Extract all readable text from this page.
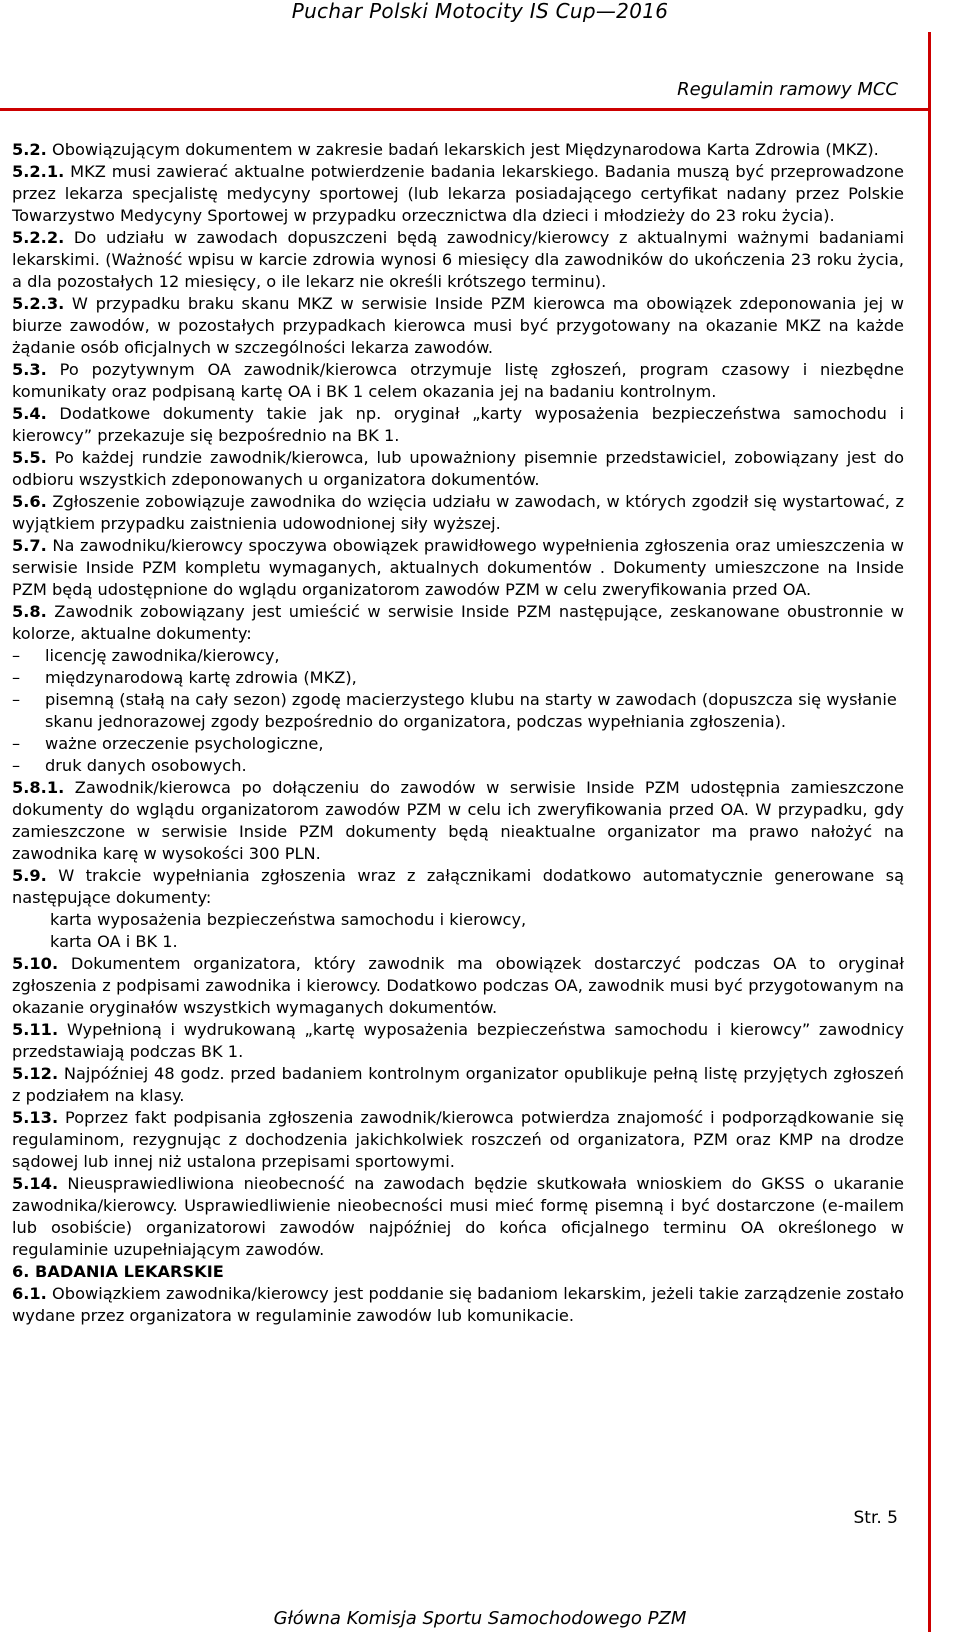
Puchar Polski Motocity IS Cup—2016
Regulamin ramowy MCC

5.2. Obowiązującym dokumentem w zakresie badań lekarskich jest Międzynarodowa Karta Zdrowia (MKZ).

5.2.1. MKZ musi zawierać aktualne potwierdzenie badania lekarskiego. Badania muszą być przeprowadzone przez lekarza specjalistę medycyny sportowej (lub lekarza posiadającego certyfikat nadany przez Polskie Towarzystwo Medycyny Sportowej w przypadku orzecznictwa dla dzieci i młodzieży do 23 roku życia).

5.2.2. Do udziału w zawodach dopuszczeni będą zawodnicy/kierowcy z aktualnymi ważnymi badaniami lekarskimi. (Ważność wpisu w karcie zdrowia wynosi 6 miesięcy dla zawodników do ukończenia 23 roku życia, a dla pozostałych 12 miesięcy, o ile lekarz nie określi krótszego terminu).

5.2.3. W przypadku braku skanu MKZ w serwisie Inside PZM kierowca ma obowiązek zdeponowania jej w biurze zawodów, w pozostałych przypadkach kierowca musi być przygotowany na okazanie MKZ na każde żądanie osób oficjalnych w szczególności lekarza zawodów.

5.3. Po pozytywnym OA zawodnik/kierowca otrzymuje listę zgłoszeń, program czasowy i niezbędne komunikaty oraz podpisaną kartę OA i BK 1 celem okazania jej na badaniu kontrolnym.

5.4. Dodatkowe dokumenty takie jak np. oryginał „karty wyposażenia bezpieczeństwa samochodu i kierowcy” przekazuje się bezpośrednio na BK 1.

5.5. Po każdej rundzie zawodnik/kierowca, lub upoważniony pisemnie przedstawiciel, zobowiązany jest do odbioru wszystkich zdeponowanych u organizatora dokumentów.

5.6. Zgłoszenie zobowiązuje zawodnika do wzięcia udziału w zawodach, w których zgodził się wystartować, z wyjątkiem przypadku zaistnienia udowodnionej siły wyższej.

5.7. Na zawodniku/kierowcy spoczywa obowiązek prawidłowego wypełnienia zgłoszenia oraz umieszczenia w serwisie Inside PZM kompletu wymaganych, aktualnych dokumentów . Dokumenty umieszczone na Inside PZM będą udostępnione do wglądu organizatorom zawodów PZM w celu zweryfikowania przed OA.

5.8. Zawodnik zobowiązany jest umieścić w serwisie Inside PZM następujące, zeskanowane obustronnie w kolorze, aktualne dokumenty:

– licencję zawodnika/kierowcy,

– międzynarodową kartę zdrowia (MKZ),

– pisemną (stałą na cały sezon) zgodę macierzystego klubu na starty w zawodach (dopuszcza się wysłanie skanu jednorazowej zgody bezpośrednio do organizatora, podczas wypełniania zgłoszenia).

– ważne orzeczenie psychologiczne,

– druk danych osobowych.

5.8.1. Zawodnik/kierowca po dołączeniu do zawodów w serwisie Inside PZM udostępnia zamieszczone dokumenty do wglądu organizatorom zawodów PZM w celu ich zweryfikowania przed OA. W przypadku, gdy zamieszczone w serwisie Inside PZM dokumenty będą nieaktualne organizator ma prawo nałożyć na zawodnika karę w wysokości 300 PLN.

5.9. W trakcie wypełniania zgłoszenia wraz z załącznikami dodatkowo automatycznie generowane są następujące dokumenty:

karta wyposażenia bezpieczeństwa samochodu i kierowcy,

karta OA i BK 1.

5.10. Dokumentem organizatora, który zawodnik ma obowiązek dostarczyć podczas OA to oryginał zgłoszenia z podpisami zawodnika i kierowcy. Dodatkowo podczas OA, zawodnik musi być przygotowanym na okazanie oryginałów wszystkich wymaganych dokumentów.

5.11. Wypełnioną i wydrukowaną „kartę wyposażenia bezpieczeństwa samochodu i kierowcy” zawodnicy przedstawiają podczas BK 1.

5.12. Najpóźniej 48 godz. przed badaniem kontrolnym organizator opublikuje pełną listę przyjętych zgłoszeń z podziałem na klasy.

5.13. Poprzez fakt podpisania zgłoszenia zawodnik/kierowca potwierdza znajomość i podporządkowanie się regulaminom, rezygnując z dochodzenia jakichkolwiek roszczeń od organizatora, PZM oraz KMP na drodze sądowej lub innej niż ustalona przepisami sportowymi.

5.14. Nieusprawiedliwiona nieobecność na zawodach będzie skutkowała wnioskiem do GKSS o ukaranie zawodnika/kierowcy. Usprawiedliwienie nieobecności musi mieć formę pisemną i być dostarczone (e-mailem lub osobiście) organizatorowi zawodów najpóźniej do końca oficjalnego terminu OA określonego w regulaminie uzupełniającym zawodów.

6. BADANIA LEKARSKIE

6.1. Obowiązkiem zawodnika/kierowcy jest poddanie się badaniom lekarskim, jeżeli takie zarządzenie zostało wydane przez organizatora w regulaminie zawodów lub komunikacie.

Str. 5
Główna Komisja Sportu Samochodowego PZM
